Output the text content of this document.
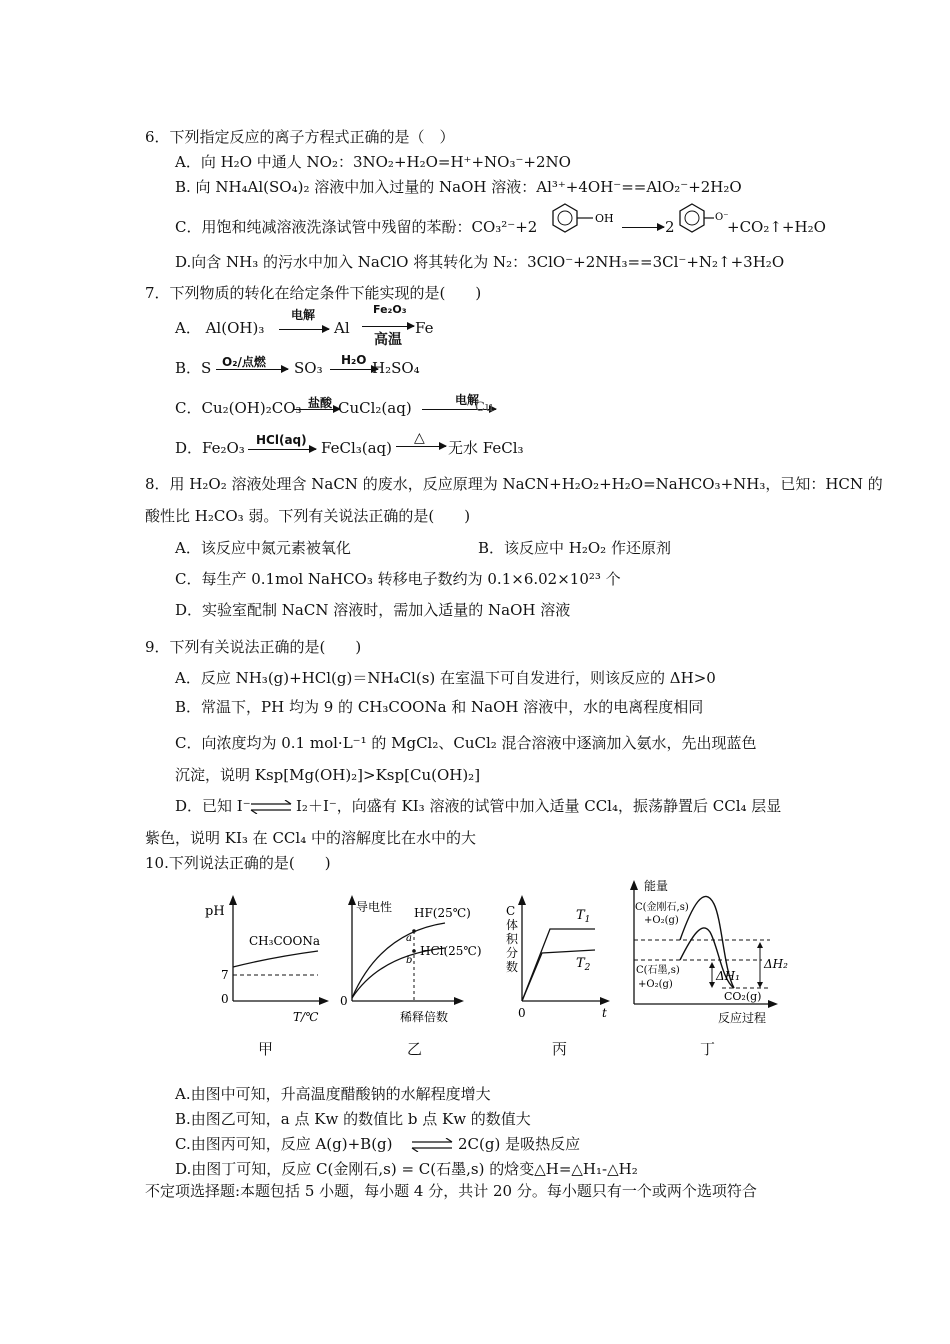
6．下列指定反应的离子方程式正确的是（　）
A．向 H₂O 中通人 NO₂：3NO₂+H₂O=H⁺+NO₃⁻+2NO
B. 向 NH₄Al(SO₄)₂ 溶液中加入过量的 NaOH 溶液：Al³⁺+4OH⁻==AlO₂⁻+2H₂O
C．用饱和纯减溶液洗涤试管中残留的苯酚：CO₃²⁻+2	OH → 2
O⁻
+CO₂↑+H₂O
D.向含 NH₃ 的污水中加入 NaClO 将其转化为 N₂：3ClO⁻+2NH₃==3Cl⁻+N₂↑+3H₂O
7．下列物质的转化在给定条件下能实现的是(　　)
A． Al(OH)₃
电解
Al
Fe₂O₃
高温
Fe
B．S O₂/点燃 SO₃ H₂O H₂SO₄
C．Cu₂(OH)₂CO₃ 盐酸 CuCl₂(aq)	电解
Cu
D．Fe₂O₃ HCl(aq) FeCl₃(aq)
△
无水 FeCl₃
8．用 H₂O₂ 溶液处理含 NaCN 的废水，反应原理为 NaCN+H₂O₂+H₂O=NaHCO₃+NH₃，已知：HCN 的
酸性比 H₂CO₃ 弱。下列有关说法正确的是(　　)
A．该反应中氮元素被氧化	B．该反应中 H₂O₂ 作还原剂
C．每生产 0.1mol NaHCO₃ 转移电子数约为 0.1×6.02×10²³ 个
D．实验室配制 NaCN 溶液时，需加入适量的 NaOH 溶液
9．下列有关说法正确的是(　　)
A．反应 NH₃(g)+HCl(g)＝NH₄Cl(s) 在室温下可自发进行，则该反应的 ΔH>0
B．常温下，PH 均为 9 的 CH₃COONa 和 NaOH 溶液中，水的电离程度相同
C．向浓度均为 0.1 mol·L⁻¹ 的 MgCl₂、CuCl₂ 混合溶液中逐滴加入氨水，先出现蓝色
沉淀，说明 Ksp[Mg(OH)₂]>Ksp[Cu(OH)₂]
D．已知 I⁻ ⇌ I₂＋I⁻，向盛有 KI₃ 溶液的试管中加入适量 CCl₄，振荡静置后 CCl₄ 层显
紫色，说明 KI₃ 在 CCl₄ 中的溶解度比在水中的大
10.下列说法正确的是(　　)
pH
CH₃COONa
7
0
T/℃
甲
导电性 HF(25℃)
HCl(25℃)
a
b
0
稀释倍数
乙
C
体
积
分
数
$T_1$
$T_2$
0	t
丙
能量
C(金刚石,s)
+O₂(g)
C(石墨,s)
+O₂(g)
ΔH₁
ΔH₂
CO₂(g)
反应过程
丁
A.由图中可知，升高温度醋酸钠的水解程度增大
B.由图乙可知，a 点 Kw 的数值比 b 点 Kw 的数值大
C.由图丙可知，反应 A(g)+B(g)	2C(g) 是吸热反应
D.由图丁可知，反应 C(金刚石,s) = C(石墨,s) 的焓变△H=△H₁-△H₂
不定项选择题:本题包括 5 小题，每小题 4 分，共计 20 分。每小题只有一个或两个选项符合
